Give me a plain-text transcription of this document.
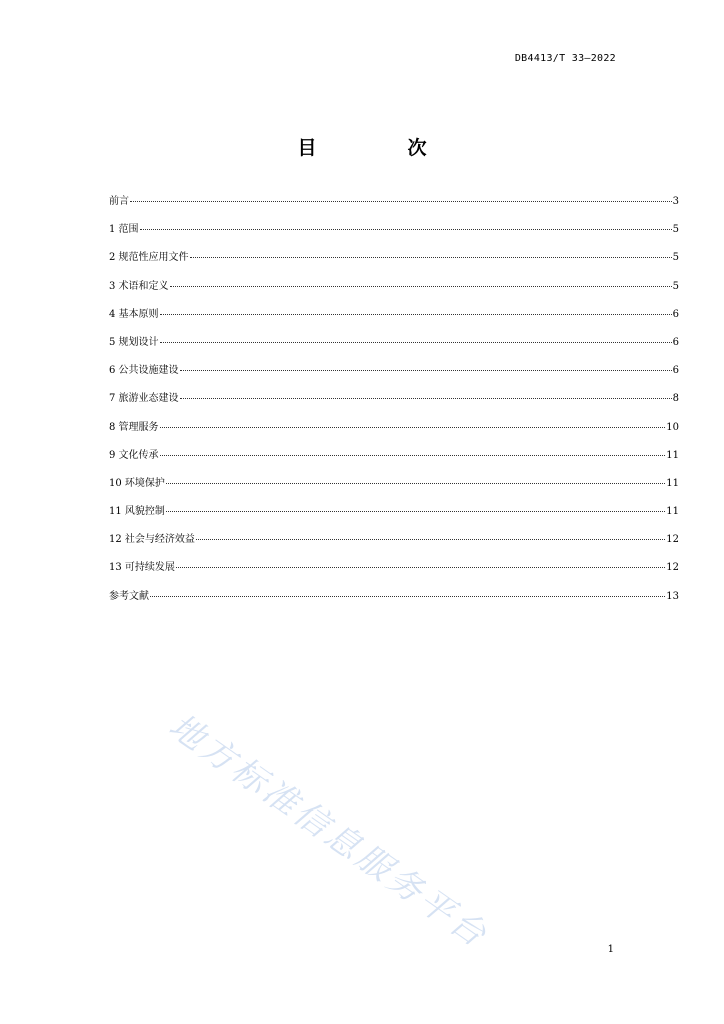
DB4413/T 33—2022
目　次
前言	3
1 范围	5
2 规范性应用文件	5
3 术语和定义	5
4 基本原则	6
5 规划设计	6
6 公共设施建设	6
7 旅游业态建设	8
8 管理服务	10
9 文化传承	11
10 环境保护	11
11 风貌控制	11
12 社会与经济效益	12
13 可持续发展	12
参考文献	13
地方标准信息服务平台	1
